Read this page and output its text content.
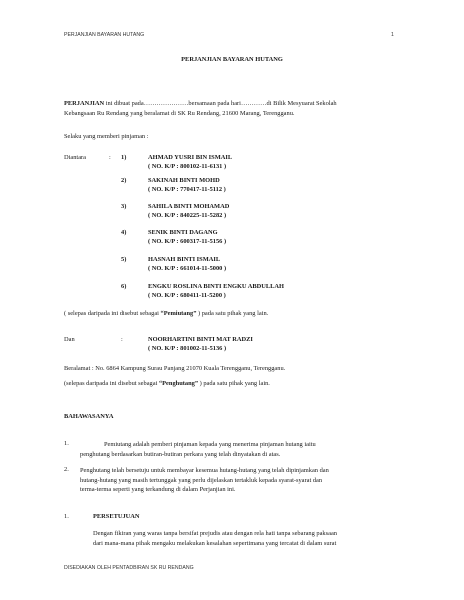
PERJANJIAN BAYARAN HUTANG	1
PERJANJIAN BAYARAN HUTANG
PERJANJIAN ini dibuat pada…………………bersamaan pada hari…………di Bilik Mesyuarat Sekolah
Kebangsaan Ru Rendang yang beralamat di SK Ru Rendang, 21600 Marang, Terengganu.
Selaku yang memberi pinjaman :
Diantara	: 1)	AHMAD YUSRI BIN ISMAIL
( NO. K/P : 800102-11-6131 )
2)	SAKINAH BINTI MOHD
( NO. K/P : 770417-11-5112 )
3)	SAHILA BINTI MOHAMAD
( NO. K/P : 840225-11-5282 )
4)	SENIK BINTI DAGANG
( NO. K/P : 600317-11-5156 )
5)	HASNAH BINTI ISMAIL
( NO. K/P : 661014-11-5000 )
6)	ENGKU ROSLINA BINTI ENGKU ABDULLAH
( NO. K/P : 680411-11-5200 )
( selepas daripada ini disebut sebagai “Pemiutang” ) pada satu pihak yang lain.
Dan	:	NOORHARTINI BINTI MAT RADZI
( NO. K/P : 801002-11-5136 )
Beralamat : No. 6864 Kampung Surau Panjang 21070 Kuala Terengganu, Terengganu.
(selepas daripada ini disebut sebagai “Penghutang” ) pada satu pihak yang lain.
BAHAWASANYA
1.	Pemiutang adalah pemberi pinjaman kepada yang menerima pinjaman hutang iaitu
penghutang berdasarkan butiran-butiran perkara yang telah dinyatakan di atas.
2. Penghutang telah bersetuju untuk membayar kesemua hutang-hutang yang telah dipinjamkan dan
hutang-hutang yang masih tertunggak yang perlu dijelaskan tertakluk kepada syarat-syarat dan
terma-terma seperti yang terkandung di dalam Perjanjian ini.
1.	PERSETUJUAN
Dengan fikiran yang waras tanpa bersifat prejudis atau dengan rela hati tanpa sebarang paksaan
dari mana-mana pihak mengaku melakukan kesalahan sepertimana yang tercatat di dalam surat
DISEDIAKAN OLEH PENTADBIRAN SK RU RENDANG
